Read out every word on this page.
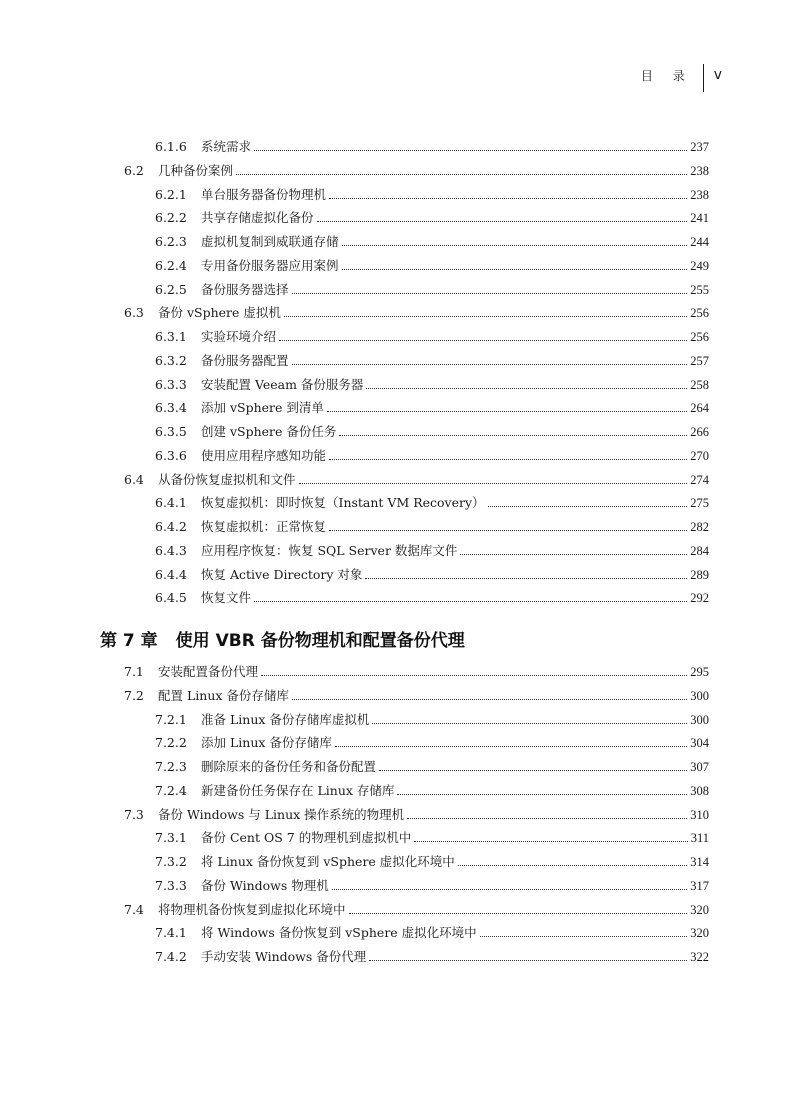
目 录 v
6.1.6	系统需求	237
6.2	几种备份案例	238
6.2.1	单台服务器备份物理机	238
6.2.2	共享存储虚拟化备份	241
6.2.3	虚拟机复制到威联通存储	244
6.2.4	专用备份服务器应用案例	249
6.2.5	备份服务器选择	255
6.3	备份 vSphere 虚拟机	256
6.3.1	实验环境介绍	256
6.3.2	备份服务器配置	257
6.3.3	安装配置 Veeam 备份服务器	258
6.3.4	添加 vSphere 到清单	264
6.3.5	创建 vSphere 备份任务	266
6.3.6	使用应用程序感知功能	270
6.4	从备份恢复虚拟机和文件	274
6.4.1	恢复虚拟机：即时恢复（Instant VM Recovery）	275
6.4.2	恢复虚拟机：正常恢复	282
6.4.3	应用程序恢复：恢复 SQL Server 数据库文件	284
6.4.4	恢复 Active Directory 对象	289
6.4.5	恢复文件	292
7.1	安装配置备份代理	295
7.2	配置 Linux 备份存储库	300
7.2.1	准备 Linux 备份存储库虚拟机	300
7.2.2	添加 Linux 备份存储库	304
7.2.3	删除原来的备份任务和备份配置	307
7.2.4	新建备份任务保存在 Linux 存储库	308
7.3	备份 Windows 与 Linux 操作系统的物理机	310
7.3.1	备份 Cent OS 7 的物理机到虚拟机中	311
7.3.2	将 Linux 备份恢复到 vSphere 虚拟化环境中	314
7.3.3	备份 Windows 物理机	317
7.4	将物理机备份恢复到虚拟化环境中	320
7.4.1	将 Windows 备份恢复到 vSphere 虚拟化环境中	320
7.4.2	手动安装 Windows 备份代理	322
第 7 章 使用 VBR 备份物理机和配置备份代理
